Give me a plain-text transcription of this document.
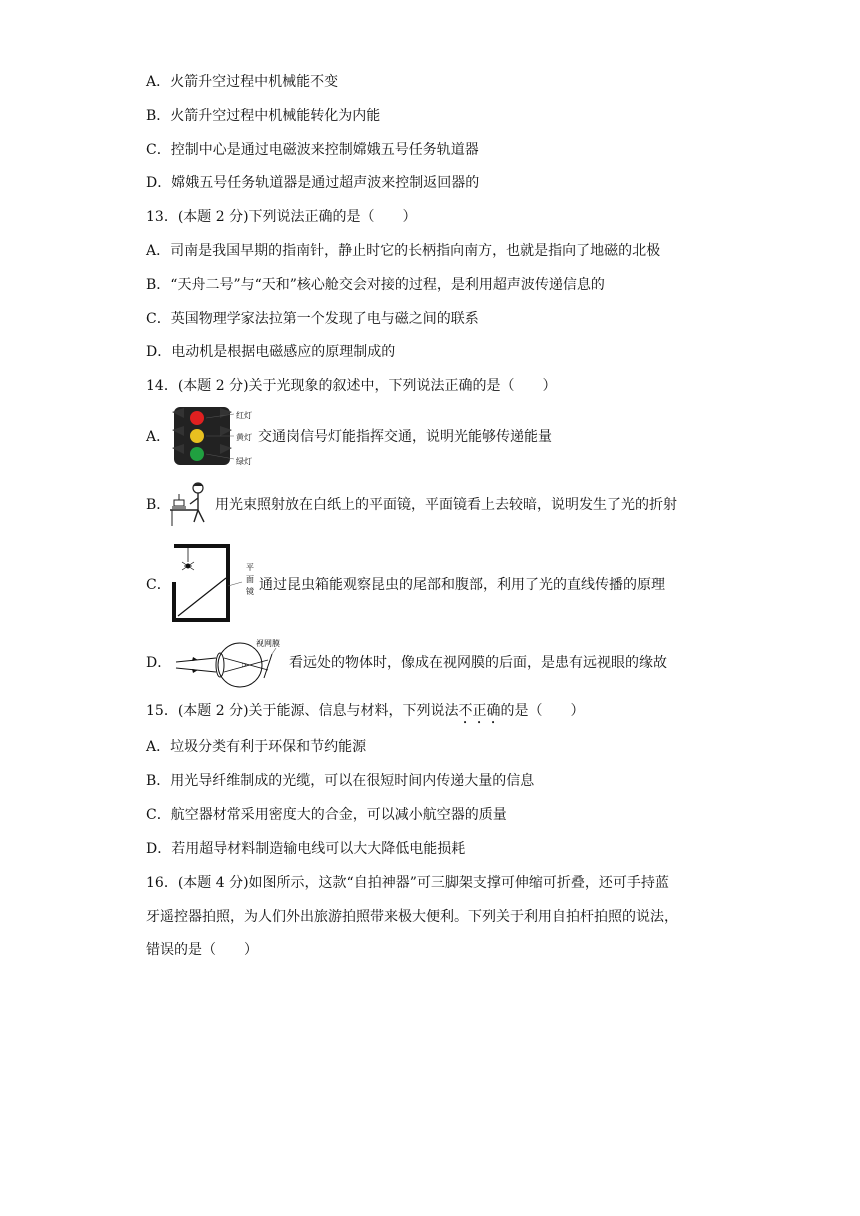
A．火箭升空过程中机械能不变
B．火箭升空过程中机械能转化为内能
C．控制中心是通过电磁波来控制嫦娥五号任务轨道器
D．嫦娥五号任务轨道器是通过超声波来控制返回器的
13．(本题 2 分)下列说法正确的是（　　）
A．司南是我国早期的指南针，静止时它的长柄指向南方，也就是指向了地磁的北极
B．“天舟二号”与“天和”核心舱交会对接的过程，是利用超声波传递信息的
C．英国物理学家法拉第一个发现了电与磁之间的联系
D．电动机是根据电磁感应的原理制成的
14．(本题 2 分)关于光现象的叙述中，下列说法正确的是（　　）
A．
红灯
黄灯
绿灯
交通岗信号灯能指挥交通，说明光能够传递能量
B．	用光束照射放在白纸上的平面镜，平面镜看上去较暗，说明发生了光的折射
C．
平
面
镜 通过昆虫箱能观察昆虫的尾部和腹部，利用了光的直线传播的原理
D．
视网膜
看远处的物体时，像成在视网膜的后面，是患有远视眼的缘故
15．(本题 2 分)关于能源、信息与材料，下列说法不正确的是（　　）
A．垃圾分类有利于环保和节约能源
B．用光导纤维制成的光缆，可以在很短时间内传递大量的信息
C．航空器材常采用密度大的合金，可以减小航空器的质量
D．若用超导材料制造输电线可以大大降低电能损耗
16．(本题 4 分)如图所示，这款“自拍神器”可三脚架支撑可伸缩可折叠，还可手持蓝
牙遥控器拍照，为人们外出旅游拍照带来极大便利。下列关于利用自拍杆拍照的说法，
错误的是（　　）
